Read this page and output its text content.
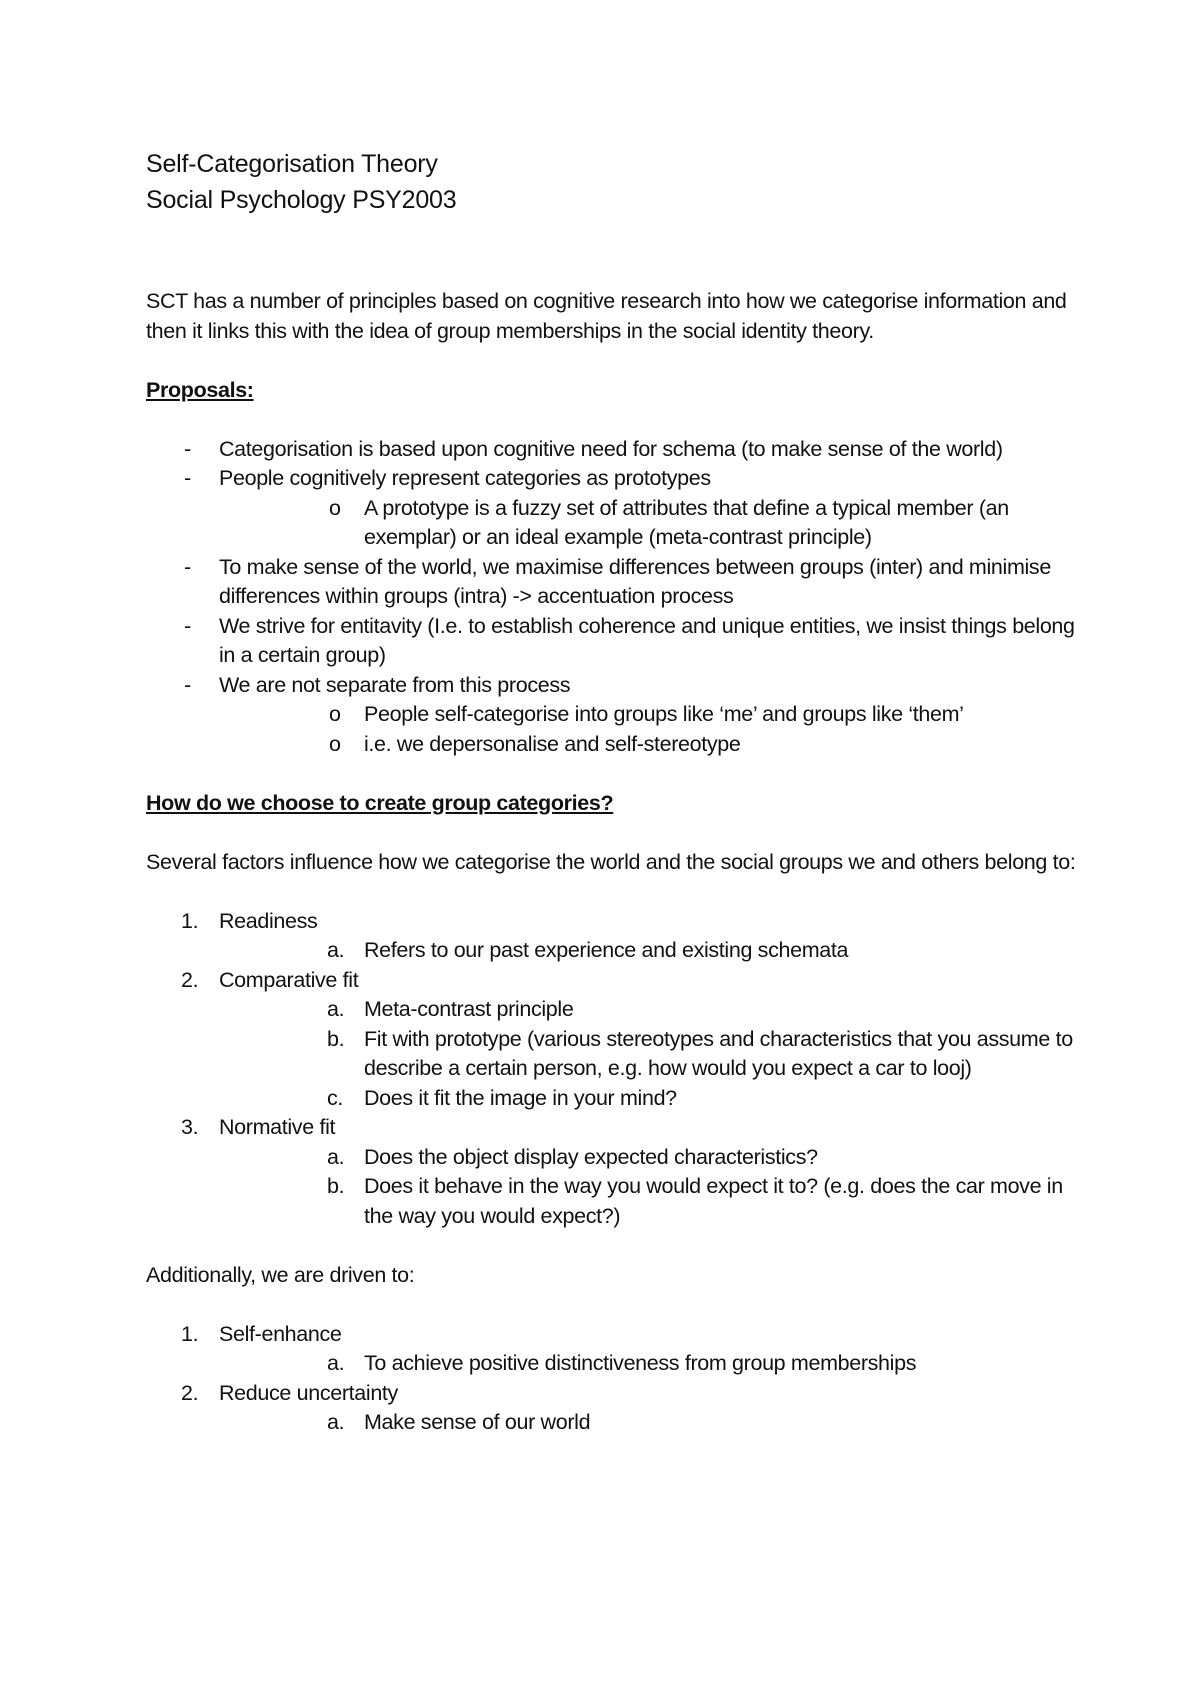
Self-Categorisation Theory

Social Psychology PSY2003

SCT has a number of principles based on cognitive research into how we categorise information and then it links this with the idea of group memberships in the social identity theory.

Proposals:

- Categorisation is based upon cognitive need for schema (to make sense of the world)
- People cognitively represent categories as prototypes
o A prototype is a fuzzy set of attributes that define a typical member (an exemplar) or an ideal example (meta-contrast principle)
- To make sense of the world, we maximise differences between groups (inter) and minimise differences within groups (intra) -> accentuation process
- We strive for entitavity (I.e. to establish coherence and unique entities, we insist things belong in a certain group)
- We are not separate from this process
o People self-categorise into groups like ‘me’ and groups like ‘them’
o i.e. we depersonalise and self-stereotype

How do we choose to create group categories?

Several factors influence how we categorise the world and the social groups we and others belong to:

1. Readiness
a. Refers to our past experience and existing schemata
2. Comparative fit
a. Meta-contrast principle
b. Fit with prototype (various stereotypes and characteristics that you assume to describe a certain person, e.g. how would you expect a car to looj)
c. Does it fit the image in your mind?
3. Normative fit
a. Does the object display expected characteristics?
b. Does it behave in the way you would expect it to? (e.g. does the car move in the way you would expect?)

Additionally, we are driven to:

1. Self-enhance
a. To achieve positive distinctiveness from group memberships
2. Reduce uncertainty
a. Make sense of our world
